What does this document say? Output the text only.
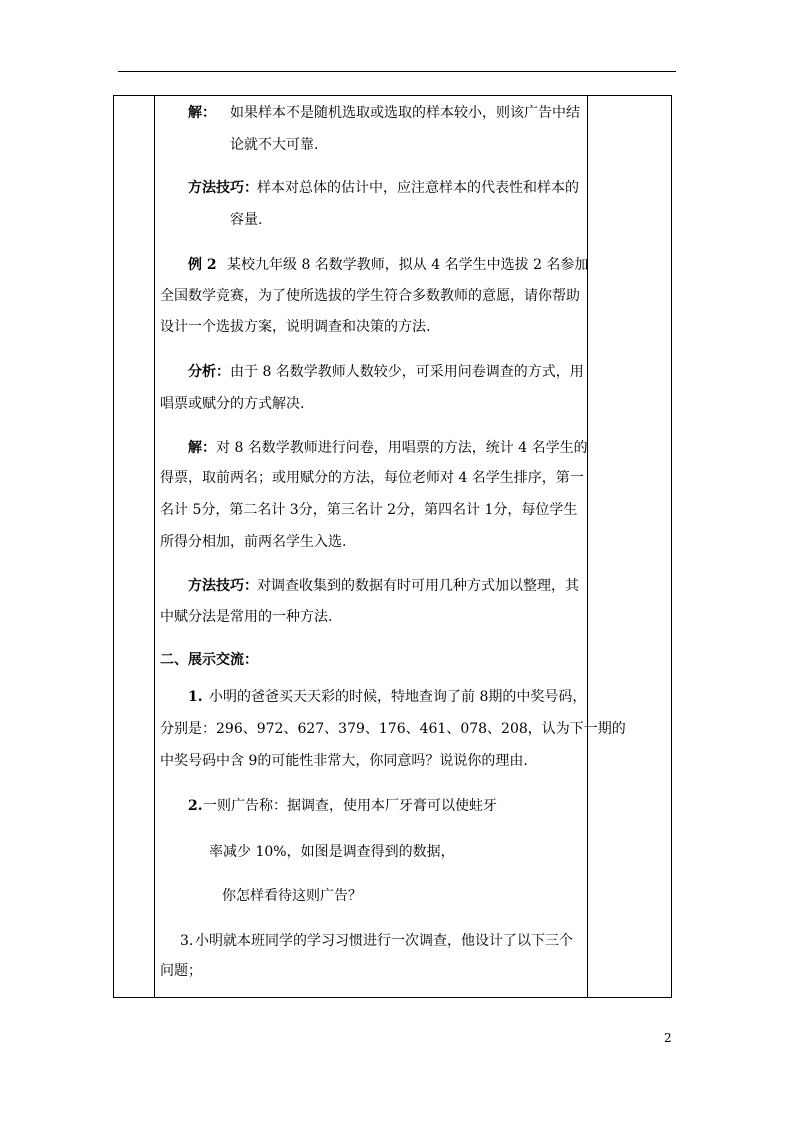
解： 如果样本不是随机选取或选取的样本较小，则该广告中结
论就不大可靠.
方法技巧： 样本对总体的估计中，应注意样本的代表性和样本的
容量.
例 2 某校九年级 8 名数学教师，拟从 4 名学生中选拔 2 名参加
全国数学竞赛，为了使所选拔的学生符合多数教师的意愿，请你帮助
设计一个选拔方案，说明调查和决策的方法.
分析： 由于 8 名数学教师人数较少，可采用问卷调查的方式，用
唱票或赋分的方式解决.
解： 对 8 名数学教师进行问卷，用唱票的方法，统计 4 名学生的
得票，取前两名；或用赋分的方法，每位老师对 4 名学生排序，第一
名计 5分，第二名计 3分，第三名计 2分，第四名计 1分，每位学生
所得分相加，前两名学生入选.
方法技巧： 对调查收集到的数据有时可用几种方式加以整理，其
中赋分法是常用的一种方法.
二、展示交流：
1. 小明的爸爸买天天彩的时候，特地查询了前 8期的中奖号码，
分别是：296、972、627、379、176、461、078、208，认为下一期的
中奖号码中含 9的可能性非常大，你同意吗？说说你的理由.
2. 一则广告称：据调查，使用本厂牙膏可以使蛀牙
率减少 10%，如图是调查得到的数据，
你怎样看待这则广告？
3. 小明就本班同学的学习习惯进行一次调查，他设计了以下三个
问题；
2
